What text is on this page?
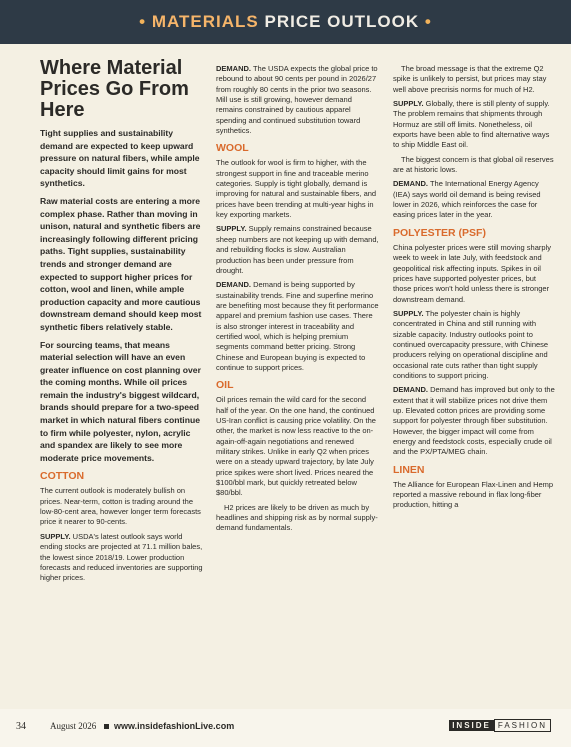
• MATERIALS PRICE OUTLOOK •
Where Material Prices Go From Here

Tight supplies and sustainability demand are expected to keep upward pressure on natural fibers, while ample capacity should limit gains for most synthetics.

Raw material costs are entering a more complex phase. Rather than moving in unison, natural and synthetic fibers are increasingly following different pricing paths. Tight supplies, sustainability trends and stronger demand are expected to support higher prices for cotton, wool and linen, while ample production capacity and more cautious downstream demand should keep most synthetic fibers relatively stable.

For sourcing teams, that means material selection will have an even greater influence on cost planning over the coming months. While oil prices remain the industry's biggest wildcard, brands should prepare for a two-speed market in which natural fibers continue to firm while polyester, nylon, acrylic and spandex are likely to see more moderate price movements.

COTTON

The current outlook is moderately bullish on prices. Near-term, cotton is trading around the low-80-cent area, however longer term forecasts price it nearer to 90-cents.

SUPPLY. USDA's latest outlook says world ending stocks are projected at 71.1 million bales, the lowest since 2018/19. Lower production forecasts and reduced inventories are supporting higher prices.

DEMAND. The USDA expects the global price to rebound to about 90 cents per pound in 2026/27 from roughly 80 cents in the prior two seasons. Mill use is still growing, however demand remains constrained by cautious apparel spending and continued substitution toward synthetics.

WOOL

The outlook for wool is firm to higher, with the strongest support in fine and traceable merino categories. Supply is tight globally, demand is improving for natural and sustainable fibers, and prices have been trending at multi-year highs in key exporting markets.

SUPPLY. Supply remains constrained because sheep numbers are not keeping up with demand, and rebuilding flocks is slow. Australian production has been under pressure from drought.

DEMAND. Demand is being supported by sustainability trends. Fine and superfine merino are benefiting most because they fit performance apparel and premium fashion use cases. There is also stronger interest in traceability and certified wool, which is helping premium segments command better pricing. Strong Chinese and European buying is expected to continue to support prices.

OIL

Oil prices remain the wild card for the second half of the year. On the one hand, the continued US-Iran conflict is causing price volatility. On the other, the market is now less reactive to the on-again-off-again negotiations and renewed military strikes. Unlike in early Q2 when prices were on a steady upward trajectory, by late July price spikes were short lived. Prices neared the $100/bbl mark, but quickly retreated below $80/bbl.

H2 prices are likely to be driven as much by headlines and shipping risk as by normal supply-demand fundamentals.

The broad message is that the extreme Q2 spike is unlikely to persist, but prices may stay well above precrisis norms for much of H2.

SUPPLY. Globally, there is still plenty of supply. The problem remains that shipments through Hormuz are still off limits. Nonetheless, oil exports have been able to find alternative ways to ship Middle East oil.

The biggest concern is that global oil reserves are at historic lows.

DEMAND. The International Energy Agency (IEA) says world oil demand is being revised lower in 2026, which reinforces the case for easing prices later in the year.

POLYESTER (PSF)

China polyester prices were still moving sharply week to week in late July, with feedstock and geopolitical risk affecting inputs. Spikes in oil prices have supported polyester prices, but those prices won't hold unless there is stronger downstream demand.

SUPPLY. The polyester chain is highly concentrated in China and still running with sizable capacity. Industry outlooks point to continued overcapacity pressure, with Chinese producers relying on operational discipline and occasional rate cuts rather than tight supply conditions to support pricing.

DEMAND. Demand has improved but only to the extent that it will stabilize prices not drive them up. Elevated cotton prices are providing some support for polyester through fiber substitution. However, the bigger impact will come from energy and feedstock costs, especially crude oil and the PX/PTA/MEG chain.

LINEN

The Alliance for European Flax-Linen and Hemp reported a massive rebound in flax long-fiber production, hitting a

34	August 2026 www.insidefashionLive.com	INSIDE FASHION
